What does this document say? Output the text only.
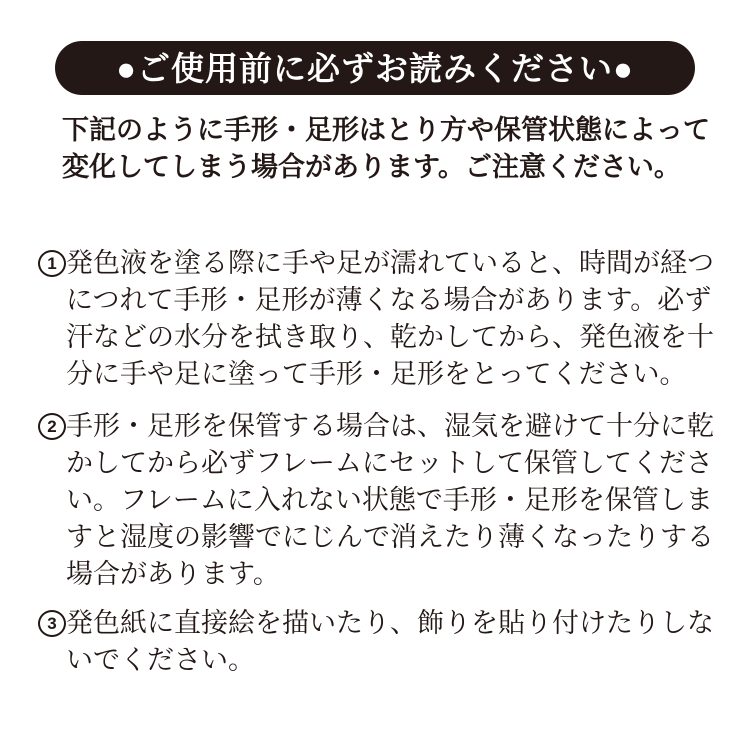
●ご使用前に必ずお読みください●
下記のように手形・足形はとり方や保管状態によって
変化してしまう場合があります。ご注意ください。
1 発色液を塗る際に手や足が濡れていると、時間が経つ
につれて手形・足形が薄くなる場合があります。必ず
汗などの水分を拭き取り、乾かしてから、発色液を十
分に手や足に塗って手形・足形をとってください。
2 手形・足形を保管する場合は、湿気を避けて十分に乾
かしてから必ずフレームにセットして保管してくださ
い。フレームに入れない状態で手形・足形を保管しま
すと湿度の影響でにじんで消えたり薄くなったりする
場合があります。
3 発色紙に直接絵を描いたり、飾りを貼り付けたりしな
いでください。
